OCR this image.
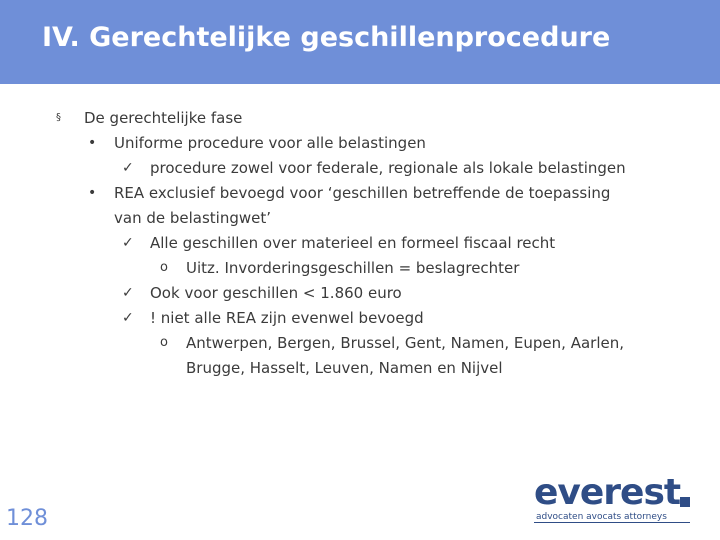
IV. Gerechtelijke geschillenprocedure
§ De gerechtelijke fase
• Uniforme procedure voor alle belastingen
✓ procedure zowel voor federale, regionale als lokale belastingen
• REA exclusief bevoegd voor ‘geschillen betreffende de toepassing
van de belastingwet’
✓ Alle geschillen over materieel en formeel fiscaal recht
o Uitz. Invorderingsgeschillen = beslagrechter
✓ Ook voor geschillen < 1.860 euro
✓ ! niet alle REA zijn evenwel bevoegd
o Antwerpen, Bergen, Brussel, Gent, Namen, Eupen, Aarlen,
Brugge, Hasselt, Leuven, Namen en Nijvel
128
everest
advocaten avocats attorneys
